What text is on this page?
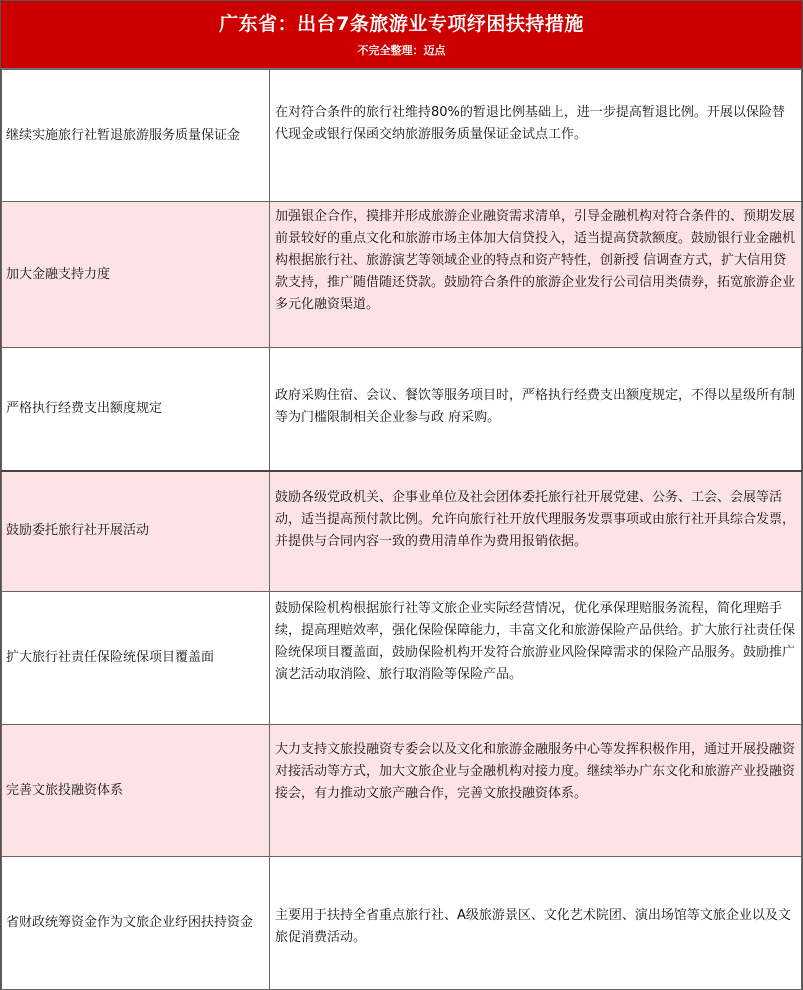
广东省：出台7条旅游业专项纾困扶持措施
不完全整理：迈点
继续实施旅行社暂退旅游服务质量保证金	在对符合条件的旅行社维持80%的暂退比例基础上，进一步提高暂退比例。开展以保险替代现金或银行保函交纳旅游服务质量保证金试点工作。
加大金融支持力度	加强银企合作，摸排并形成旅游企业融资需求清单，引导金融机构对符合条件的、预期发展前景较好的重点文化和旅游市场主体加大信贷投入，适当提高贷款额度。鼓励银行业金融机构根据旅行社、旅游演艺等领域企业的特点和资产特性，创新授 信调查方式，扩大信用贷款支持，推广随借随还贷款。鼓励符合条件的旅游企业发行公司信用类债券，拓宽旅游企业多元化融资渠道。
严格执行经费支出额度规定	政府采购住宿、会议、餐饮等服务项目时，严格执行经费支出额度规定，不得以星级所有制等为门槛限制相关企业参与政 府采购。
鼓励委托旅行社开展活动	鼓励各级党政机关、企事业单位及社会团体委托旅行社开展党建、公务、工会、会展等活动，适当提高预付款比例。允许向旅行社开放代理服务发票事项或由旅行社开具综合发票，并提供与合同内容一致的费用清单作为费用报销依据。
扩大旅行社责任保险统保项目覆盖面	鼓励保险机构根据旅行社等文旅企业实际经营情况，优化承保理赔服务流程，简化理赔手续，提高理赔效率，强化保险保障能力，丰富文化和旅游保险产品供给。扩大旅行社责任保险统保项目覆盖面，鼓励保险机构开发符合旅游业风险保障需求的保险产品服务。鼓励推广演艺活动取消险、旅行取消险等保险产品。
完善文旅投融资体系	大力支持文旅投融资专委会以及文化和旅游金融服务中心等发挥积极作用，通过开展投融资对接活动等方式，加大文旅企业与金融机构对接力度。继续举办广东文化和旅游产业投融资接会，有力推动文旅产融合作，完善文旅投融资体系。
省财政统筹资金作为文旅企业纾困扶持资金	主要用于扶持全省重点旅行社、A级旅游景区、文化艺术院团、演出场馆等文旅企业以及文旅促消费活动。
